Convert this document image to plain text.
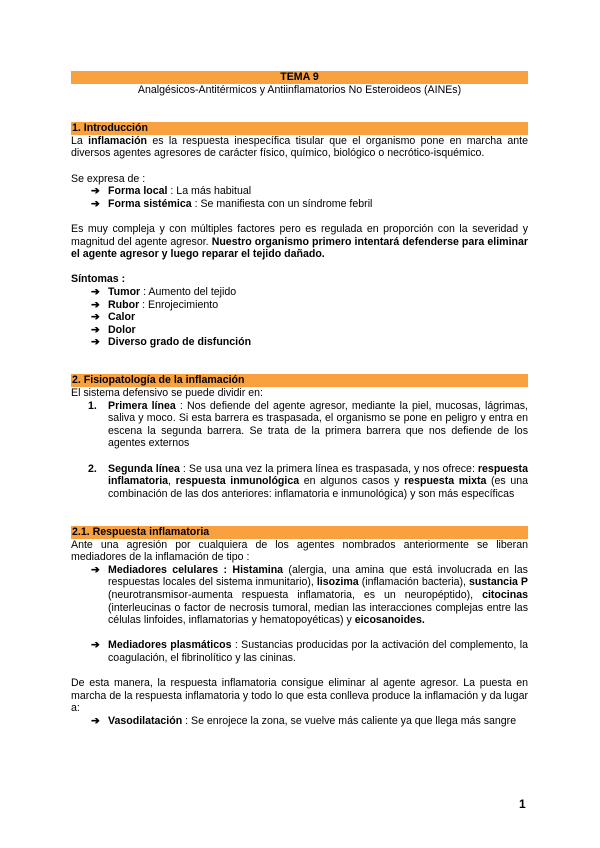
TEMA 9
Analgésicos-Antitérmicos y Antiinflamatorios No Esteroideos (AINEs)
1. Introducción

La inflamación es la respuesta inespecífica tisular que el organismo pone en marcha ante diversos agentes agresores de carácter físico, químico, biológico o necrótico-isquémico.

Se expresa de :

➔ Forma local : La más habitual
➔ Forma sistémica : Se manifiesta con un síndrome febril

Es muy compleja y con múltiples factores pero es regulada en proporción con la severidad y magnitud del agente agresor. Nuestro organismo primero intentará defenderse para eliminar el agente agresor y luego reparar el tejido dañado.

Síntomas :

➔ Tumor : Aumento del tejido
➔ Rubor : Enrojecimiento
➔ Calor
➔ Dolor
➔ Diverso grado de disfunción
2. Fisiopatología de la inflamación

El sistema defensivo se puede dividir en:

1. Primera línea : Nos defiende del agente agresor, mediante la piel, mucosas, lágrimas, saliva y moco. Si esta barrera es traspasada, el organismo se pone en peligro y entra en escena la segunda barrera. Se trata de la primera barrera que nos defiende de los agentes externos
2. Segunda línea : Se usa una vez la primera línea es traspasada, y nos ofrece: respuesta inflamatoria, respuesta inmunológica en algunos casos y respuesta mixta (es una combinación de las dos anteriores: inflamatoria e inmunológica) y son más específicas
2.1. Respuesta inflamatoria

Ante una agresión por cualquiera de los agentes nombrados anteriormente se liberan mediadores de la inflamación de tipo :

➔ Mediadores celulares : Histamina (alergia, una amina que está involucrada en las respuestas locales del sistema inmunitario), lisozima (inflamación bacteria), sustancia P (neurotransmisor-aumenta respuesta inflamatoria, es un neuropéptido), citocinas (interleucinas o factor de necrosis tumoral, median las interacciones complejas entre las células linfoides, inflamatorias y hematopoyéticas) y eicosanoides.
➔ Mediadores plasmáticos : Sustancias producidas por la activación del complemento, la coagulación, el fibrinolítico y las cininas.

De esta manera, la respuesta inflamatoria consigue eliminar al agente agresor. La puesta en marcha de la respuesta inflamatoria y todo lo que esta conlleva produce la inflamación y da lugar a:

➔ Vasodilatación : Se enrojece la zona, se vuelve más caliente ya que llega más sangre
1
